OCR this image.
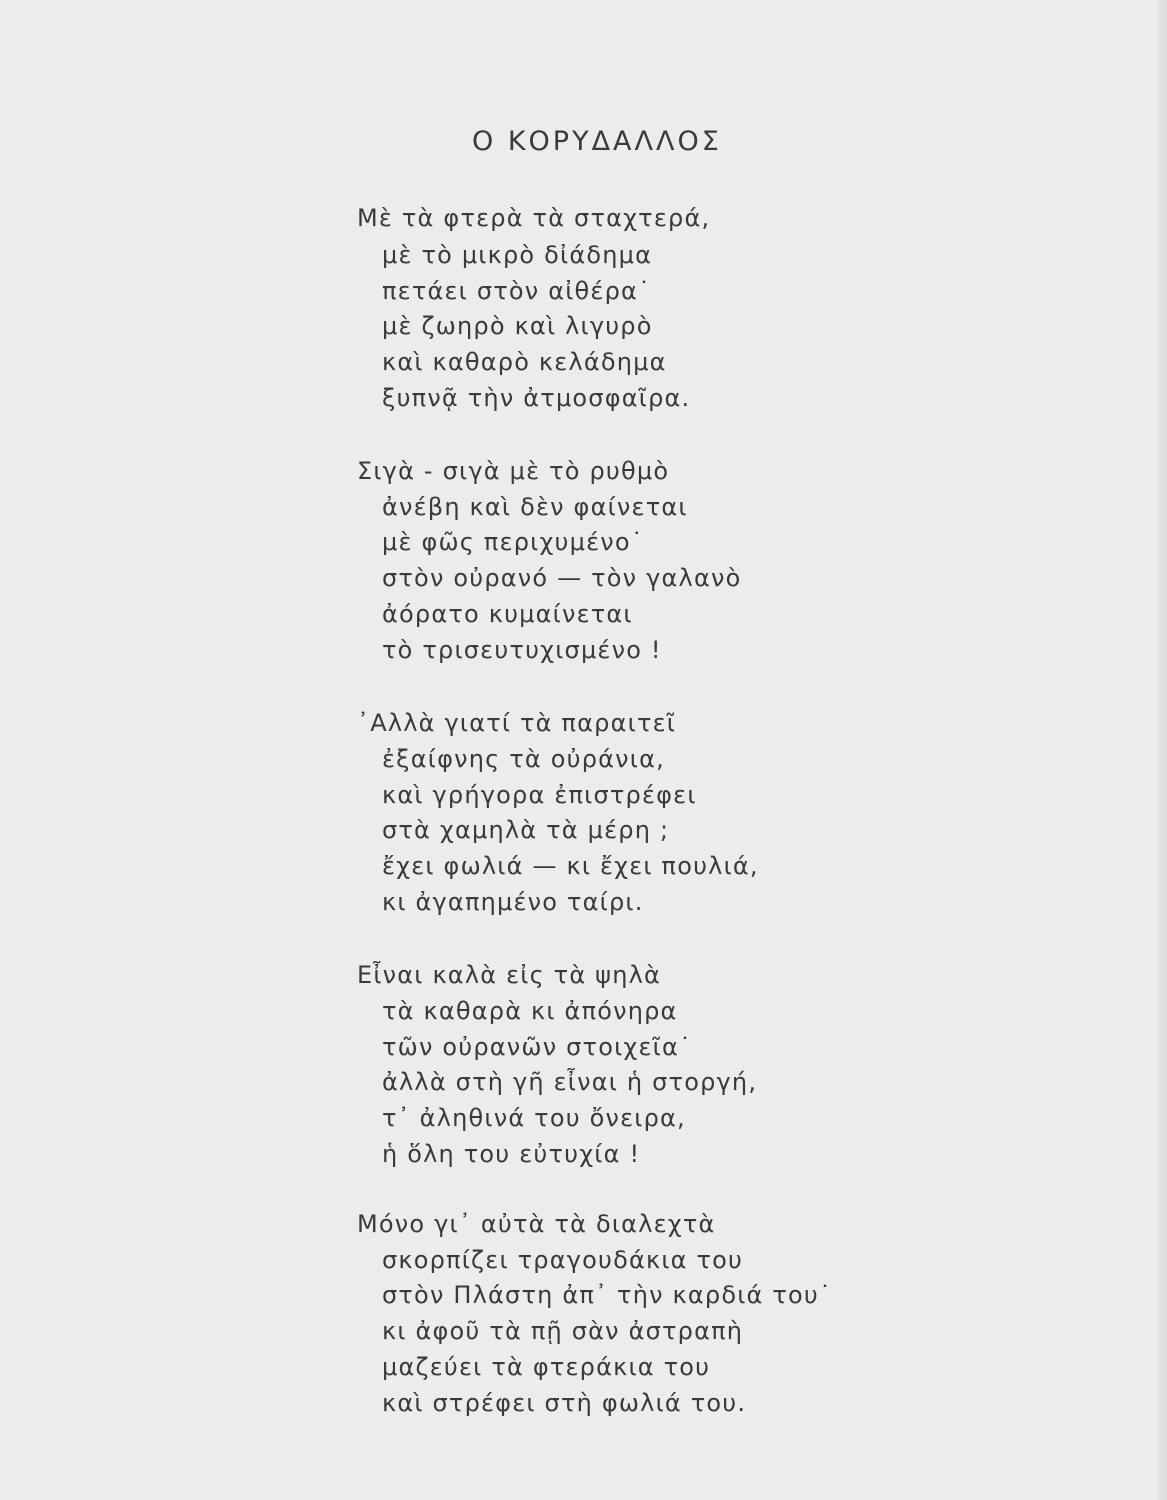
Ο ΚΟΡΥΔΑΛΛΟΣ
Μὲ τὰ φτερὰ τὰ σταχτερά,
μὲ τὸ μικρὸ δἰάδημα
πετάει στὸν αἰθέρα˙
μὲ ζωηρὸ καὶ λιγυρὸ
καὶ καθαρὸ κελάδημα
ξυπνᾷ τὴν ἀτμοσφαῖρα.
Σιγὰ - σιγὰ μὲ τὸ ρυθμὸ
ἀνέβη καὶ δὲν φαίνεται
μὲ φῶς περιχυμένο˙
στὸν οὐρανό — τὸν γαλανὸ
ἀόρατο κυμαίνεται
τὸ τρισευτυχισμένο !
᾿Αλλὰ γιατί τὰ παραιτεῖ
ἐξαίφνης τὰ οὐράνια,
καὶ γρήγορα ἐπιστρέφει
στὰ χαμηλὰ τὰ μέρη ;
ἔχει φωλιά — κι ἔχει πουλιά,
κι ἀγαπημένο ταίρι.
Εἶναι καλὰ εἰς τὰ ψηλὰ
τὰ καθαρὰ κι ἀπόνηρα
τῶν οὐρανῶν στοιχεῖα˙
ἀλλὰ στὴ γῆ εἶναι ἡ στοργή,
τ᾿ ἀληθινά του ὄνειρα,
ἡ ὅλη του εὐτυχία !
Μόνο γι᾿ αὐτὰ τὰ διαλεχτὰ
σκορπίζει τραγουδάκια του
στὸν Πλάστη ἀπ᾿ τὴν καρδιά του˙
κι ἀφοῦ τὰ πῇ σὰν ἀστραπὴ
μαζεύει τὰ φτεράκια του
καὶ στρέφει στὴ φωλιά του.
